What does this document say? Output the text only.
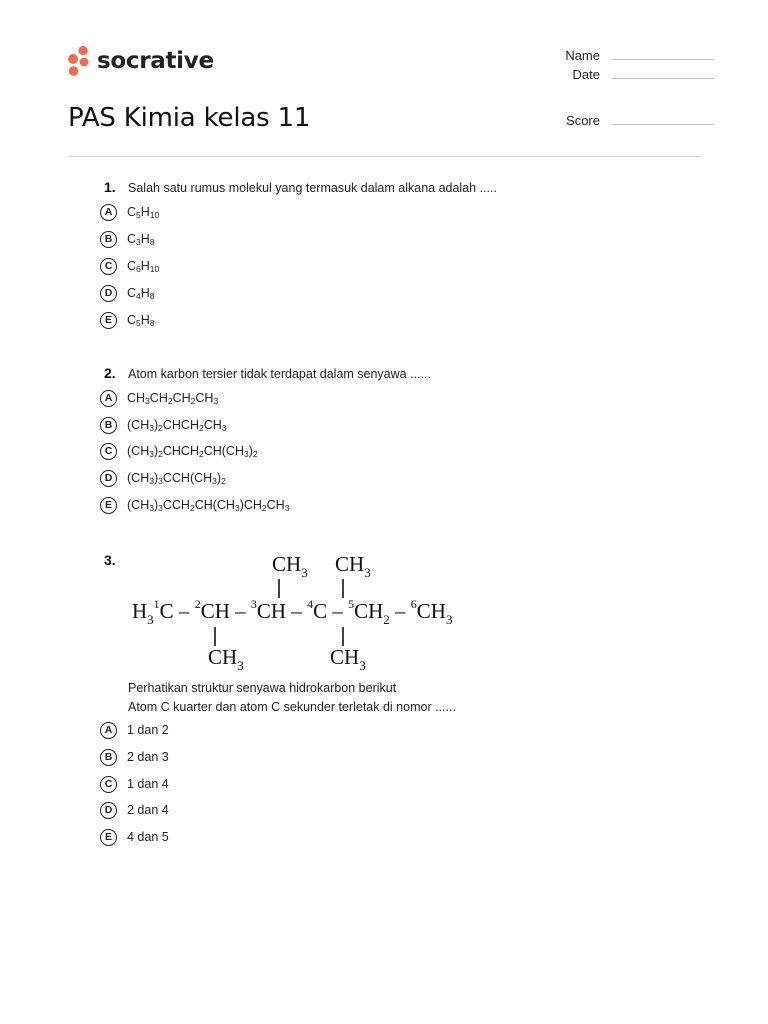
socrative
PAS Kimia kelas 11
Name
Date
Score
1. Salah satu rumus molekul yang termasuk dalam alkana adalah .....
A	$C_5H_{10}$
B	$C_3H_8$
C	$C_6H_{10}$
D	$C_4H_8$
E	$C_5H_8$
2. Atom karbon tersier tidak terdapat dalam senyawa ......
A	$CH_3CH_2CH_2CH_3$
B	$(CH_3)_2CHCH_2CH_3$
C	$(CH_3)_2CHCH_2CH(CH_3)_2$
D	$(CH_3)_3CCH(CH_3)_2$
E	$(CH_3)_3CCH_2CH(CH_3)CH_2CH_3$
3.	$CH_3$ $CH_3$
$H_3^1C - ^2CH - ^3CH - ^4C - ^5CH_2 - ^6CH_3$
$CH_3$	$CH_3$
Perhatikan struktur senyawa hidrokarbon berikut
Atom C kuarter dan atom C sekunder terletak di nomor ......
A	1 dan 2
B	2 dan 3
C	1 dan 4
D	2 dan 4
E	4 dan 5
